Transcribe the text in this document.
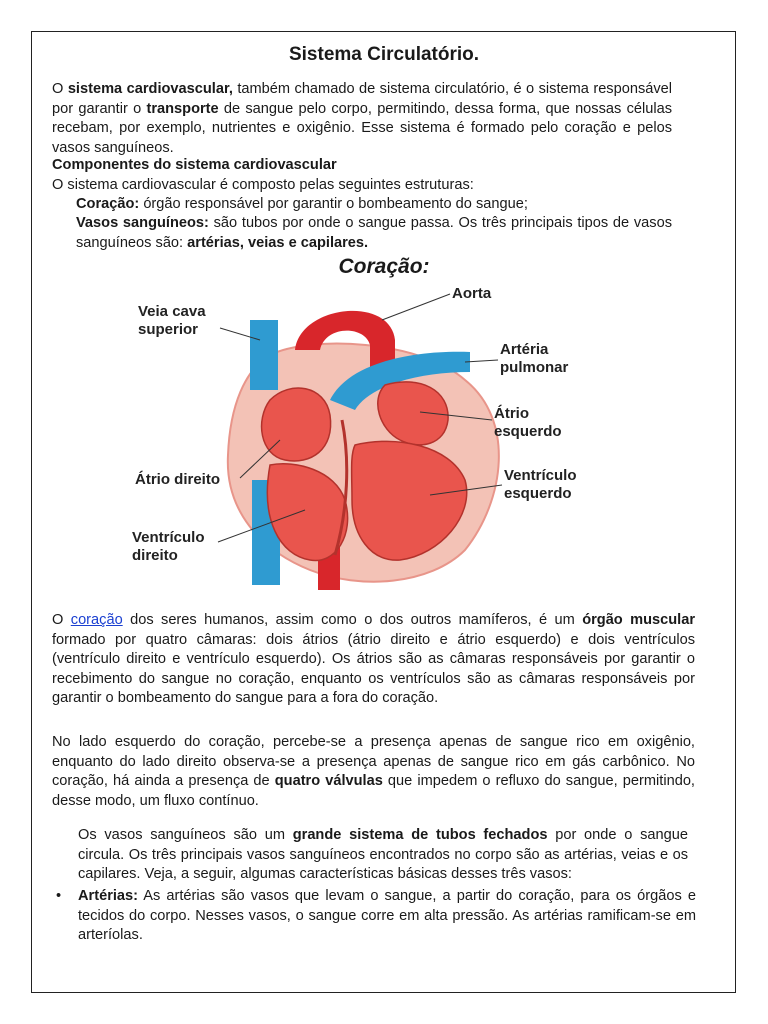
Sistema Circulatório.
O sistema cardiovascular, também chamado de sistema circulatório, é o sistema responsável por garantir o transporte de sangue pelo corpo, permitindo, dessa forma, que nossas células recebam, por exemplo, nutrientes e oxigênio. Esse sistema é formado pelo coração e pelos vasos sanguíneos.
Componentes do sistema cardiovascular
O sistema cardiovascular é composto pelas seguintes estruturas:
Coração: órgão responsável por garantir o bombeamento do sangue;
Vasos sanguíneos: são tubos por onde o sangue passa. Os três principais tipos de vasos sanguíneos são: artérias, veias e capilares.
Coração:
Veia cava
superior
Aorta
Artéria
pulmonar
Átrio
esquerdo
Átrio direito	Ventrículo
esquerdo
Ventrículo
direito
O coração dos seres humanos, assim como o dos outros mamíferos, é um órgão muscular formado por quatro câmaras: dois átrios (átrio direito e átrio esquerdo) e dois ventrículos (ventrículo direito e ventrículo esquerdo). Os átrios são as câmaras responsáveis por garantir o recebimento do sangue no coração, enquanto os ventrículos são as câmaras responsáveis por garantir o bombeamento do sangue para a fora do coração.
No lado esquerdo do coração, percebe-se a presença apenas de sangue rico em oxigênio, enquanto do lado direito observa-se a presença apenas de sangue rico em gás carbônico. No coração, há ainda a presença de quatro válvulas que impedem o refluxo do sangue, permitindo, desse modo, um fluxo contínuo.
Os vasos sanguíneos são um grande sistema de tubos fechados por onde o sangue circula. Os três principais vasos sanguíneos encontrados no corpo são as artérias, veias e os capilares. Veja, a seguir, algumas características básicas desses três vasos:
•	Artérias: As artérias são vasos que levam o sangue, a partir do coração, para os órgãos e tecidos do corpo. Nesses vasos, o sangue corre em alta pressão. As artérias ramificam-se em arteríolas.
